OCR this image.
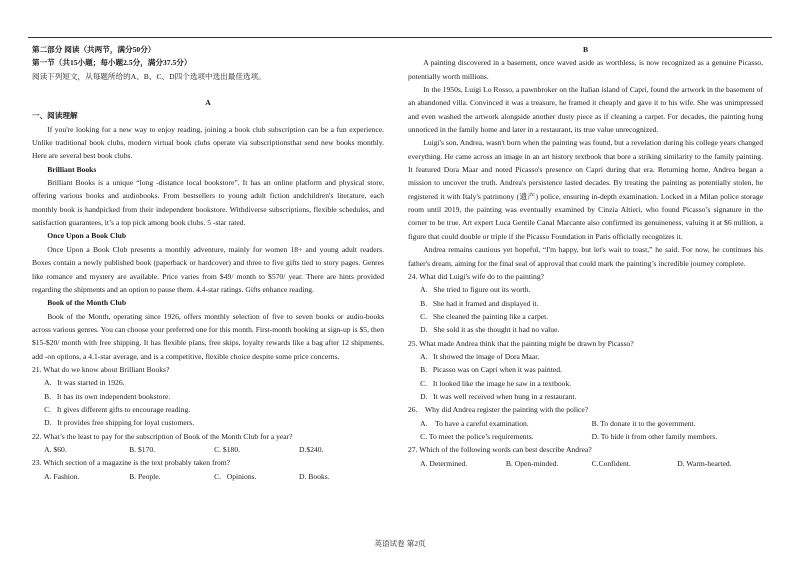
第二部分 阅读（共两节，满分50分）
第一节（共15小题；每小题2.5分，满分37.5分）
阅读下列短文，从每题所给的A、B、C、D四个选项中选出最佳选项。
A
一、阅读理解

If you're looking for a new way to enjoy reading, joining a book club subscription can be a fun experience. Unlike traditional book clubs, modern virtual book clubs operate via subscriptionsthat send new books monthly. Here are several best book clubs.

Brilliant Books

Brilliant Books is a unique “long -distance local bookstore”. It has an online platform and physical store, offering various books and audiobooks. From bestsellers to young adult fiction andchildren's literature, each monthly book is handpicked from their independent bookstore. Withdiverse subscriptions, flexible schedules, and satisfaction guarantees, it’s a top pick among book clubs. 5 -star rated.

Once Upon a Book Club

Once Upon a Book Club presents a monthly adventure, mainly for women 18+ and young adult readers. Boxes contain a newly published book (paperback or hardcover) and three to five gifts tied to story pages. Genres like romance and mystery are available. Price varies from $49/ month to $570/ year. There are hints provided regarding the shipments and an option to pause them. 4.4-star ratings. Gifts enhance reading.

Book of the Month Club

Book of the Month, operating since 1926, offers monthly selection of five to seven books or audio-books across various genres. You can choose your preferred one for this month. First-month booking at sign-up is $5, then $15-$20/ month with free shipping. It has flexible plans, free skips, loyalty rewards like a bag after 12 shipments, add -on options, a 4.1-star average, and is a competitive, flexible choice despite some price concerns.

21. What do we know about Brilliant Books?
A.   It was started in 1926.
B.   It has its own independent bookstore.
C.   It gives different gifts to encourage reading.
D.   It provides free shipping for loyal customers.
22. What’s the least to pay for the subscription of Book of the Month Club for a year?
A. $60.	B. $170.	C. $180.	D.$240.
23. Which section of a magazine is the text probably taken from?
A. Fashion.	B. People.	C.   Opinions.	D. Books.
B

A painting discovered in a basement, once waved aside as worthless, is now recognized as a genuine Picasso, potentially worth millions.

In the 1950s, Luigi Lo Rosso, a pawnbroker on the Italian island of Capri, found the artwork in the basement of an abandoned villa. Convinced it was a treasure, he framed it cheaply and gave it to his wife. She was unimpressed and even washed the artwork alongside another dusty piece as if cleaning a carpet. For decades, the painting hung unnoticed in the family home and later in a restaurant, its true value unrecognized.

Luigi's son, Andrea, wasn't born when the painting was found, but a revelation during his college years changed everything. He came across an image in an art history textbook that bore a striking similarity to the family painting. It featured Dora Maar and noted Picasso's presence on Capri during that era. Returning home, Andrea began a mission to uncover the truth. Andrea's persistence lasted decades. By treating the painting as potentially stolen, he registered it with Italy's patrimony (遗产) police, ensuring in-depth examination. Locked in a Milan police storage room until 2019, the painting was eventually examined by Cinzia Altieri, who found Picasso’s signature in the corner to be true. Art expert Luca Gentile Canal Marcante also confirmed its genuineness, valuing it at $6 million, a figure that could double or triple if the Picasso Foundation in Paris officially recognizes it.

Andrea remains cautious yet hopeful, “I'm happy, but let's wait to toast,” he said. For now, he continues his father's dream, aiming for the final seal of approval that could mark the painting’s incredible journey complete.

24. What did Luigi's wife do to the painting?
A.   She tried to figure out its worth.
B.   She had it framed and displayed it.
C.   She cleaned the painting like a carpet.
D.   She sold it as she thought it had no value.
25. What made Andrea think that the painting might be drawn by Picasso?
A.   It showed the image of Dora Maar.
B.   Picasso was on Capri when it was painted.
C.   It looked like the image he saw in a textbook.
D.   It was well received when hung in a restaurant.
26.    Why did Andrea register the painting with the police?
A.    To have a careful examination.	B. To donate it to the government.
C. To meet the police’s requirements.	D. To hide it from other family members.
27. Which of the following words can best describe Andrea?
A. Determined.	B. Open-minded.	C.Confident.	D. Warm-hearted.
英语试卷 第2页
